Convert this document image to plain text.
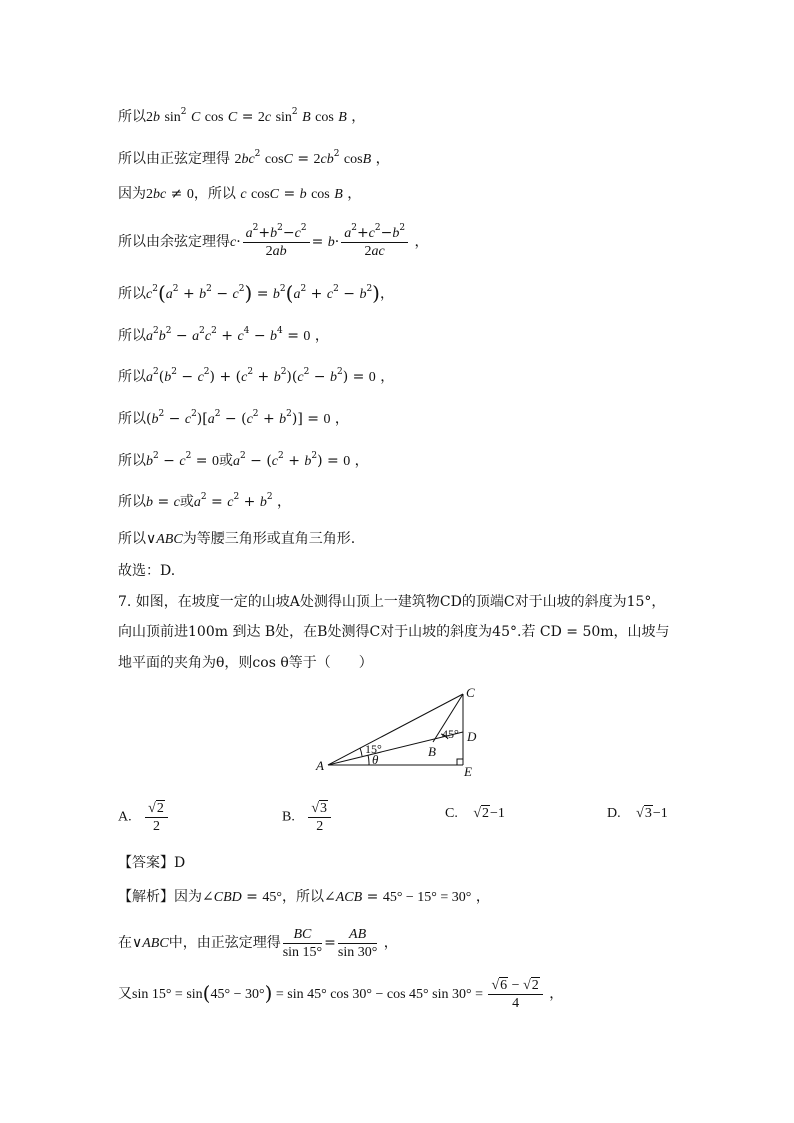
所以2b $\sin^2 C$ cos C = 2c $\sin^2 B$ cos B ，
所以由正弦定理得 $2bc^2$ $\cos C = 2cb^2$ cosB ，
因为2bc ≠ 0，所以 c cosC = b cos B ，
所以由余弦定理得$c\cdot \frac{a^2+b^2-c^2}{2ab} = b\cdot \frac{a^2+c^2-b^2}{2ac}$ ，
所以$c^2(a^2 + b^2 - c^2) = b^2(a^2 + c^2 - b^2)$，
所以$a^2b^2 - a^2c^2 + c^4 - b^4 = 0$ ，
所以$a^2(b^2 - c^2) + (c^2 + b^2)(c^2 - b^2) = 0$ ，
所以$(b^2 - c^2)[a^2 - (c^2 + b^2)] = 0$ ，
所以$b^2 - c^2 = 0$或$a^2 - (c^2 + b^2) = 0$ ，
所以b = c或$a^2 = c^2 + b^2$ ，
所以∨ABC为等腰三角形或直角三角形.
故选：D.
7. 如图，在坡度一定的山坡A处测得山顶上一建筑物CD的顶端C对于山坡的斜度为15°，
向山顶前进100m 到达 B处，在B处测得C对于山坡的斜度为45°.若 CD = 50m，山坡与
地平面的夹角为θ，则cos θ等于（　　）
A
B
C
D
E
θ
15°
45°
A. $\frac{√2}{2}$	B. $\frac{√3}{2}$	C. √2−1	D. √3−1
【答案】D
【解析】因为∠CBD = 45°，所以∠ACB = 45° − 15° = 30° ，
在∨ABC中，由正弦定理得 $\frac{BC}{\sin 15^\circ} = \frac{AB}{\sin 30^\circ}$ ，
又sin 15° = sin(45° − 30°) = sin 45° cos 30° − cos 45° $\sin 30^\circ = \frac{√6 - √2}{4}$ ，
